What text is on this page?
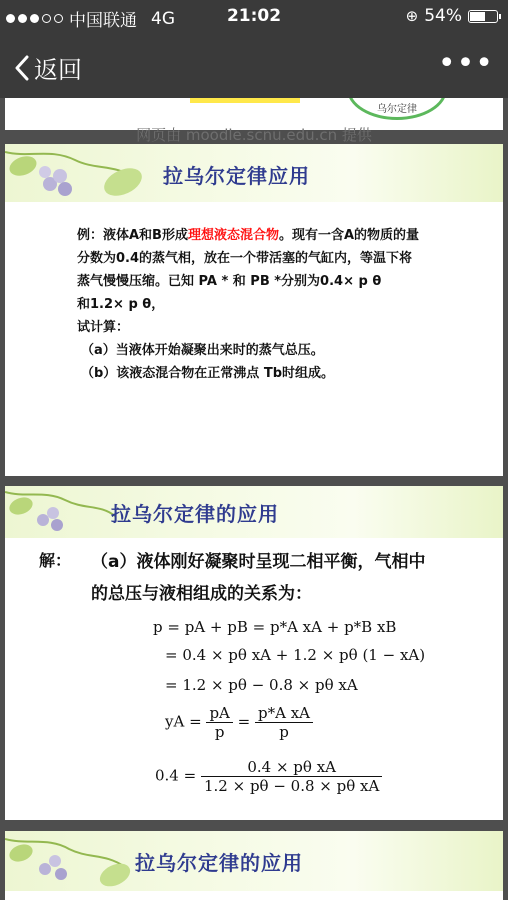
中国联通 4G	21:02	⊕ 54%
返回	•••
乌尔定律
网页由 moodle.scnu.edu.cn 提供
拉乌尔定律应用
例：液体A和B形成理想液态混合物。现有一含A的物质的量
分数为0.4的蒸气相，放在一个带活塞的气缸内，等温下将
蒸气慢慢压缩。已知 PA * 和 PB *分别为0.4× p θ
和1.2× p θ，
试计算：
（a）当液体开始凝聚出来时的蒸气总压。
（b）该液态混合物在正常沸点 Tb时组成。
拉乌尔定律的应用
解： （a）液体刚好凝聚时呈现二相平衡，气相中
的总压与液相组成的关系为：
p = pA + pB = p*A xA + p*B xB
= 0.4 × pθ xA + 1.2 × pθ (1 − xA)
= 1.2 × pθ − 0.8 × pθ xA
yA = $\frac{pA}{p} = \frac{\text{p*A xA}}{p}$
$0.4 = \frac{\text{0.4 × pθ xA}}{\text{1.2 × pθ − 0.8 × pθ xA}}$
拉乌尔定律的应用
